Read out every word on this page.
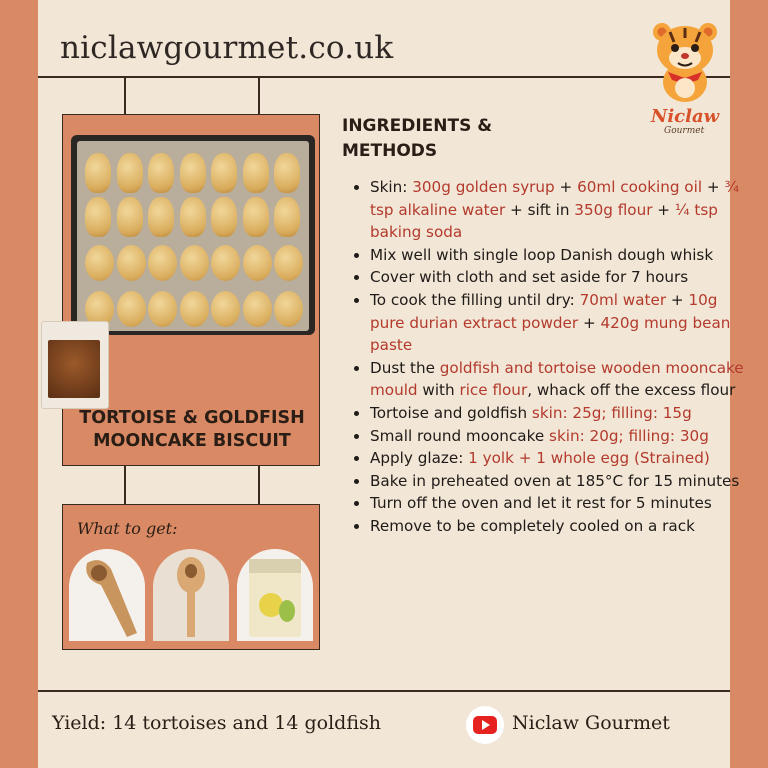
niclawgourmet.co.uk
Niclaw
Gourmet
TORTOISE & GOLDFISH
MOONCAKE BISCUIT
What to get:
INGREDIENTS &
METHODS
• Skin: 300g golden syrup + 60ml cooking oil + ¾ tsp alkaline water + sift in 350g flour + ¼ tsp baking soda
• Mix well with single loop Danish dough whisk
• Cover with cloth and set aside for 7 hours
• To cook the filling until dry: 70ml water + 10g pure durian extract powder + 420g mung bean paste
• Dust the goldfish and tortoise wooden mooncake mould with rice flour, whack off the excess flour
• Tortoise and goldfish skin: 25g; filling: 15g
• Small round mooncake skin: 20g; filling: 30g
• Apply glaze: 1 yolk + 1 whole egg (Strained)
• Bake in preheated oven at 185°C for 15 minutes
• Turn off the oven and let it rest for 5 minutes
• Remove to be completely cooled on a rack
Yield: 14 tortoises and 14 goldfish	Niclaw Gourmet
